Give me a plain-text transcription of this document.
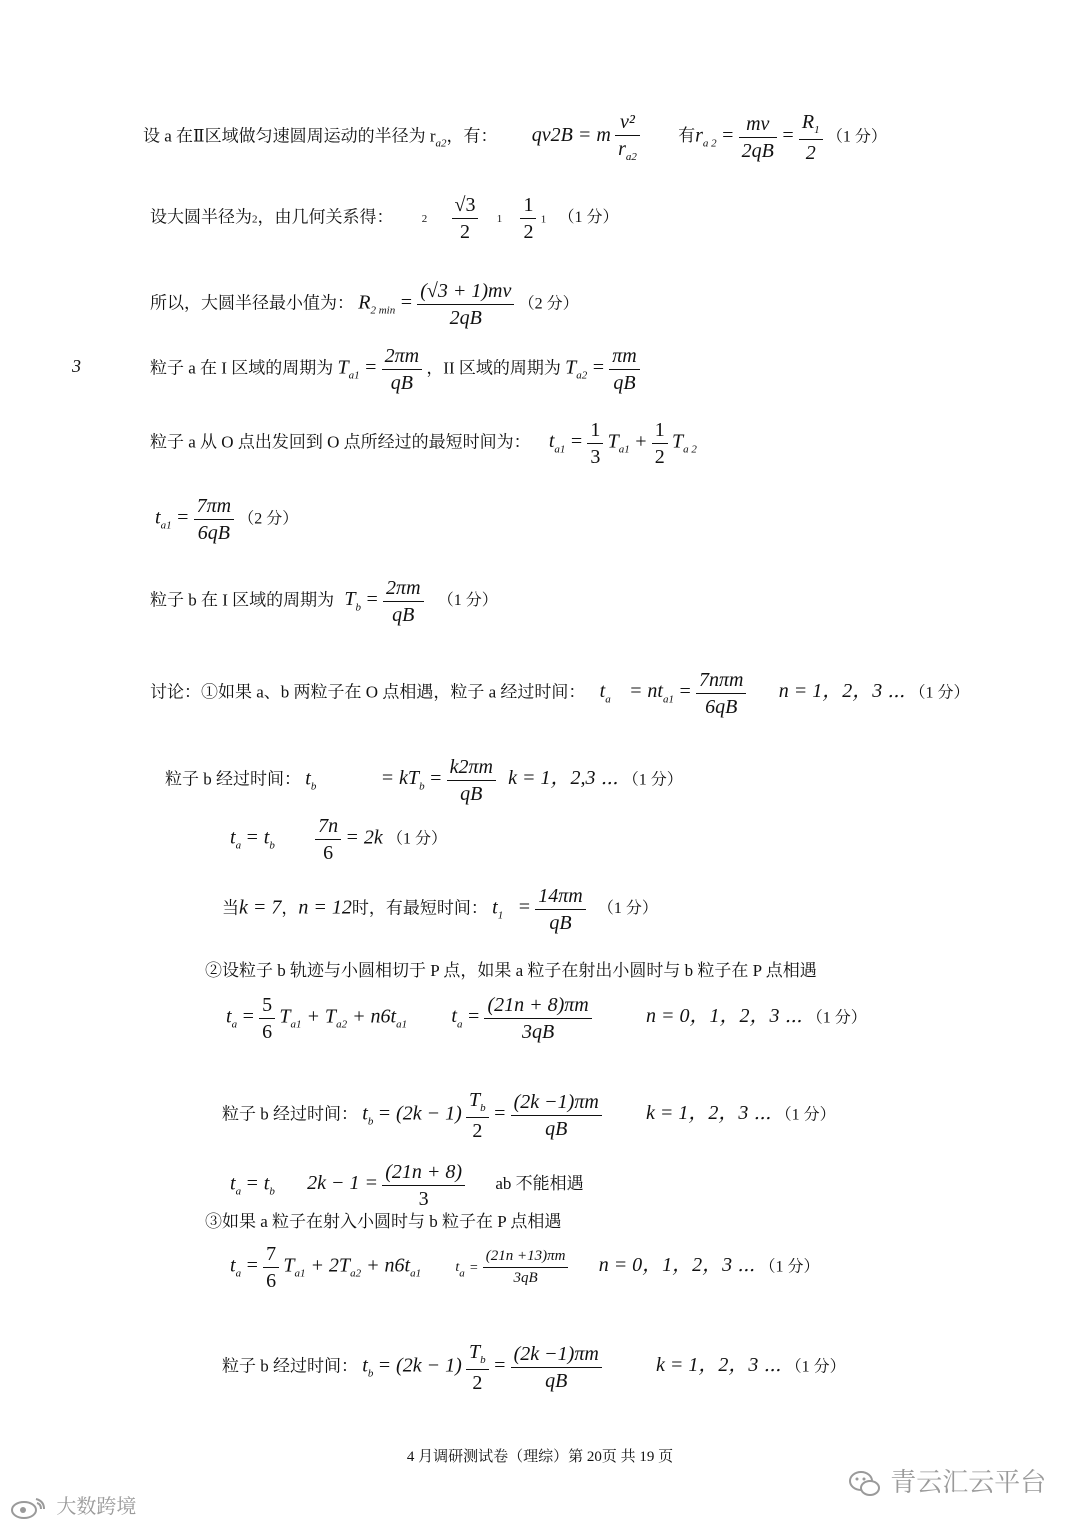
设 a 在Ⅱ区域做匀速圆周运动的半径为 $r_{a2}$，有： qv2B = m $\frac{\text{v²}}{r_{a2}}$ 有$r_{a 2} = \frac{mv}{2qB} = \frac{R_1}{2} (1$ 分）
设大圆半径为2，由几何关系得：	$2 \frac{√3}{2} 1 \frac{1}{2} 1$ （1 分）
所以，大圆半径最小值为： $R_{2 min} = \frac{(√3 + 1)mv}{2qB} (2$ 分）
3	粒子 a 在 I 区域的周期为 $T_{a1} = \frac{2\pi m}{qB}$ ，II 区域的周期为 $T_{a2} = \frac{\pi m}{qB}$
粒子 a 从 O 点出发回到 O 点所经过的最短时间为： $t_{a1} = \frac{1}{3} T_{a1} + \frac{1}{2} T_{a 2}$
$t_{a1} = \frac{7\pi m}{6qB} (2$ 分）
粒子 b 在 I 区域的周期为 $T_b = \frac{2\pi m}{qB} (1$ 分）
讨论：①如果 a、b 两粒子在 O 点相遇，粒子 a 经过时间： $t_a = nt_{a1} = \frac{\text{7nπm}}{6qB}$ n = 1，2，3 ⋯ （1 分）
粒子 b 经过时间： $t_b$	= $kT_b = \frac{k2\pi m}{qB}$ k = 1，2,3 ⋯ （1 分）
$t_a = t_b \frac{7n}{6} = 2k$ （1 分）
当k = 7，n = 12时，有最短时间： $t_1 = \frac{14\pi m}{qB} (1$ 分）
②设粒子 b 轨迹与小圆相切于 P 点，如果 a 粒子在射出小圆时与 b 粒子在 P 点相遇
$t_a = \frac{5}{6} T_{a1} + T_{a2} + n6t_{a1}$ $t_a = \frac{(21n + 8)\pi m}{3qB}$	n = 0，1，2，3 ⋯ （1 分）
粒子 b 经过时间： $t_b = (2k - 1) \frac{T_b}{2} = \frac{(2k -1)\pi m}{qB}$ k = 1，2，3 ⋯ （1 分）
$t_a = t_b$ $2k - 1 = \frac{(21n + 8)}{3}$ ab 不能相遇
③如果 a 粒子在射入小圆时与 b 粒子在 P 点相遇
$t_a = \frac{7}{6} T_{a1} + 2T_{a2} + n6t_{a1}$ $t_a = \frac{(21n +13)\pi m}{3qB}$ n = 0，1，2，3 ⋯ （1 分）
粒子 b 经过时间： $t_b = (2k - 1) \frac{T_b}{2} = \frac{(2k -1)\pi m}{qB}$	k = 1，2，3 ⋯ （1 分）
4 月调研测试卷（理综）第 20页 共 19 页
大数跨境
青云汇云平台
